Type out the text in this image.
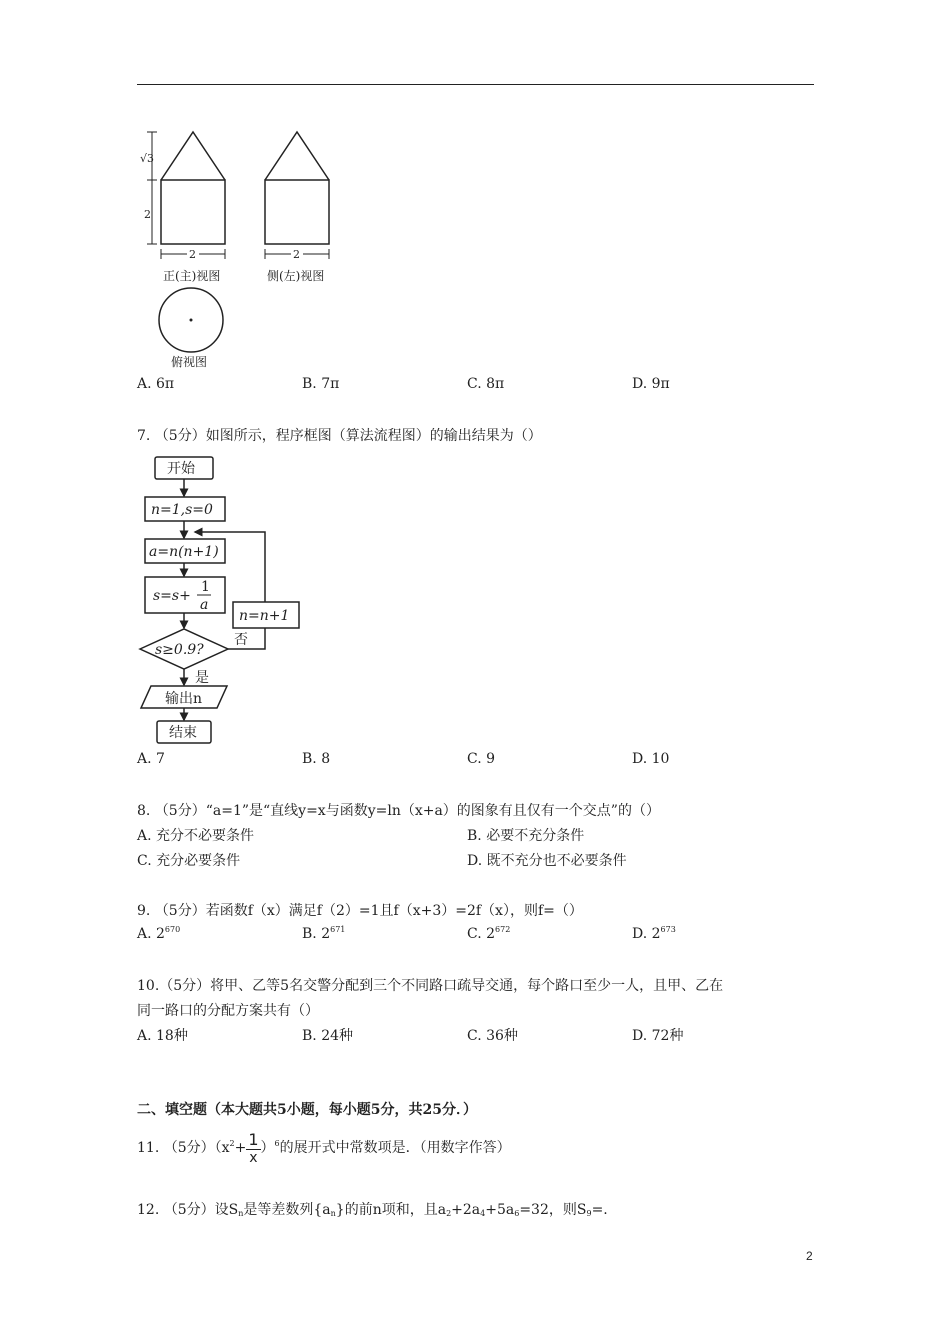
√3
2
2
正(主)视图
2
侧(左)视图
俯视图
A. 6π	B. 7π	C. 8π	D. 9π
7. （5分）如图所示，程序框图（算法流程图）的输出结果为（）
开始
n=1,s=0
a=n(n+1)
s=s+
1
a
n=n+1
s≥0.9?
否
是
输出n
结束
A. 7	B. 8	C. 9	D. 10
8. （5分）“a=1”是“直线y=x与函数y=ln（x+a）的图象有且仅有一个交点”的（）
A. 充分不必要条件	B. 必要不充分条件
C. 充分必要条件	D. 既不充分也不必要条件
9. （5分）若函数f（x）满足f（2）=1且f（x+3）=2f（x），则f=（）
A. $2^{670}$	B. $2^{671}$	C. $2^{672}$	D. $2^{673}$
10.（5分）将甲、乙等5名交警分配到三个不同路口疏导交通，每个路口至少一人，且甲、乙在
同一路口的分配方案共有（）
A. 18种	B. 24种	C. 36种	D. 72种
二、填空题（本大题共5小题，每小题5分，共25分．）
11. （5分）$(x^2+ \frac{1}{x} )^6$的展开式中常数项是．（用数字作答）
12. （5分）设$S_n$是等差数列$\{a_n\}$的前n项和，且$a_2+2a_4+5a_6=32$，则$S_9=$.
2
